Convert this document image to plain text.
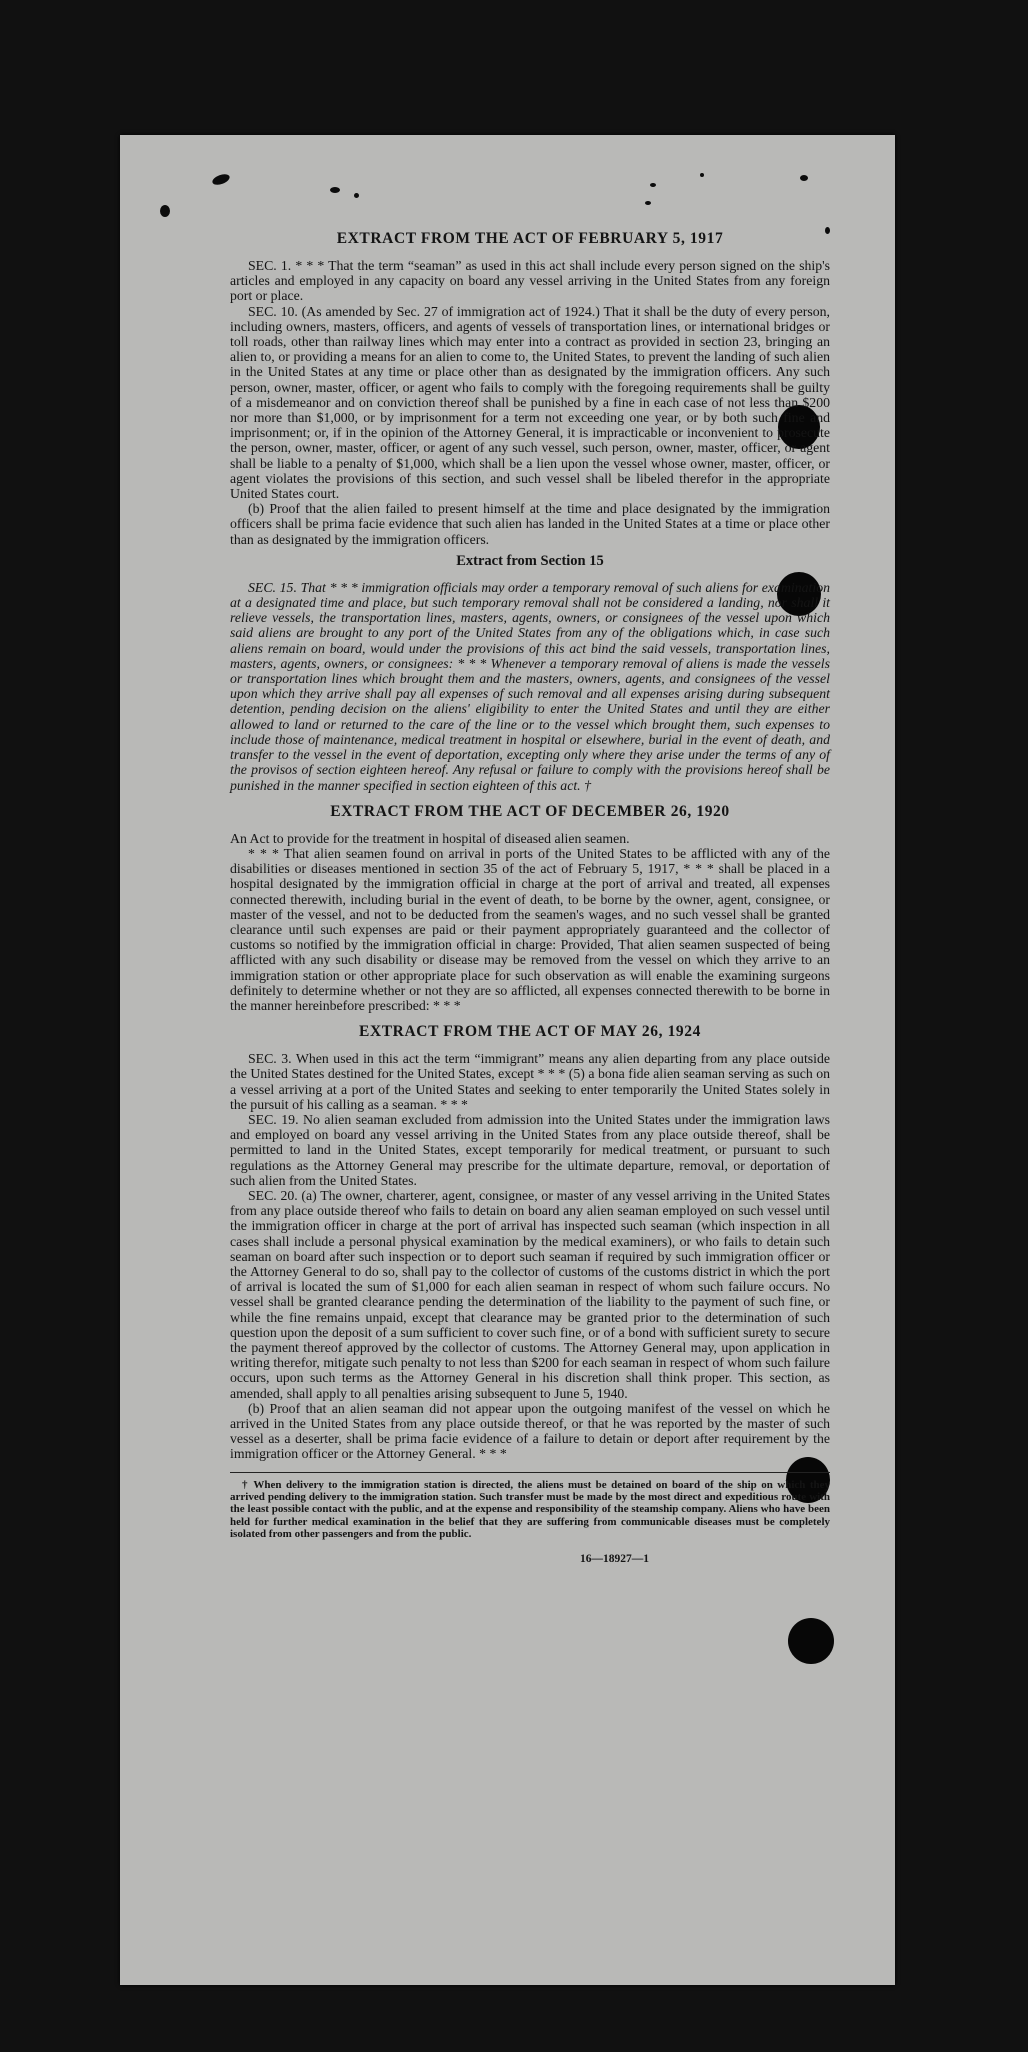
EXTRACT FROM THE ACT OF FEBRUARY 5, 1917

SEC. 1. * * * That the term “seaman” as used in this act shall include every person signed on the ship's articles and employed in any capacity on board any vessel arriving in the United States from any foreign port or place.

SEC. 10. (As amended by Sec. 27 of immigration act of 1924.) That it shall be the duty of every person, including owners, masters, officers, and agents of vessels of transportation lines, or international bridges or toll roads, other than railway lines which may enter into a contract as provided in section 23, bringing an alien to, or providing a means for an alien to come to, the United States, to prevent the landing of such alien in the United States at any time or place other than as designated by the immigration officers. Any such person, owner, master, officer, or agent who fails to comply with the foregoing requirements shall be guilty of a misdemeanor and on conviction thereof shall be punished by a fine in each case of not less than $200 nor more than $1,000, or by imprisonment for a term not exceeding one year, or by both such fine and imprisonment; or, if in the opinion of the Attorney General, it is impracticable or inconvenient to prosecute the person, owner, master, officer, or agent of any such vessel, such person, owner, master, officer, or agent shall be liable to a penalty of $1,000, which shall be a lien upon the vessel whose owner, master, officer, or agent violates the provisions of this section, and such vessel shall be libeled therefor in the appropriate United States court.

(b) Proof that the alien failed to present himself at the time and place designated by the immigration officers shall be prima facie evidence that such alien has landed in the United States at a time or place other than as designated by the immigration officers.

Extract from Section 15

SEC. 15. That * * * immigration officials may order a temporary removal of such aliens for examination at a designated time and place, but such temporary removal shall not be considered a landing, nor shall it relieve vessels, the transportation lines, masters, agents, owners, or consignees of the vessel upon which said aliens are brought to any port of the United States from any of the obligations which, in case such aliens remain on board, would under the provisions of this act bind the said vessels, transportation lines, masters, agents, owners, or consignees: * * * Whenever a temporary removal of aliens is made the vessels or transportation lines which brought them and the masters, owners, agents, and consignees of the vessel upon which they arrive shall pay all expenses of such removal and all expenses arising during subsequent detention, pending decision on the aliens' eligibility to enter the United States and until they are either allowed to land or returned to the care of the line or to the vessel which brought them, such expenses to include those of maintenance, medical treatment in hospital or elsewhere, burial in the event of death, and transfer to the vessel in the event of deportation, excepting only where they arise under the terms of any of the provisos of section eighteen hereof. Any refusal or failure to comply with the provisions hereof shall be punished in the manner specified in section eighteen of this act. †

EXTRACT FROM THE ACT OF DECEMBER 26, 1920

An Act to provide for the treatment in hospital of diseased alien seamen.

* * * That alien seamen found on arrival in ports of the United States to be afflicted with any of the disabilities or diseases mentioned in section 35 of the act of February 5, 1917, * * * shall be placed in a hospital designated by the immigration official in charge at the port of arrival and treated, all expenses connected therewith, including burial in the event of death, to be borne by the owner, agent, consignee, or master of the vessel, and not to be deducted from the seamen's wages, and no such vessel shall be granted clearance until such expenses are paid or their payment appropriately guaranteed and the collector of customs so notified by the immigration official in charge: Provided, That alien seamen suspected of being afflicted with any such disability or disease may be removed from the vessel on which they arrive to an immigration station or other appropriate place for such observation as will enable the examining surgeons definitely to determine whether or not they are so afflicted, all expenses connected therewith to be borne in the manner hereinbefore prescribed: * * *

EXTRACT FROM THE ACT OF MAY 26, 1924

SEC. 3. When used in this act the term “immigrant” means any alien departing from any place outside the United States destined for the United States, except * * * (5) a bona fide alien seaman serving as such on a vessel arriving at a port of the United States and seeking to enter temporarily the United States solely in the pursuit of his calling as a seaman. * * *

SEC. 19. No alien seaman excluded from admission into the United States under the immigration laws and employed on board any vessel arriving in the United States from any place outside thereof, shall be permitted to land in the United States, except temporarily for medical treatment, or pursuant to such regulations as the Attorney General may prescribe for the ultimate departure, removal, or deportation of such alien from the United States.

SEC. 20. (a) The owner, charterer, agent, consignee, or master of any vessel arriving in the United States from any place outside thereof who fails to detain on board any alien seaman employed on such vessel until the immigration officer in charge at the port of arrival has inspected such seaman (which inspection in all cases shall include a personal physical examination by the medical examiners), or who fails to detain such seaman on board after such inspection or to deport such seaman if required by such immigration officer or the Attorney General to do so, shall pay to the collector of customs of the customs district in which the port of arrival is located the sum of $1,000 for each alien seaman in respect of whom such failure occurs. No vessel shall be granted clearance pending the determination of the liability to the payment of such fine, or while the fine remains unpaid, except that clearance may be granted prior to the determination of such question upon the deposit of a sum sufficient to cover such fine, or of a bond with sufficient surety to secure the payment thereof approved by the collector of customs. The Attorney General may, upon application in writing therefor, mitigate such penalty to not less than $200 for each seaman in respect of whom such failure occurs, upon such terms as the Attorney General in his discretion shall think proper. This section, as amended, shall apply to all penalties arising subsequent to June 5, 1940.

(b) Proof that an alien seaman did not appear upon the outgoing manifest of the vessel on which he arrived in the United States from any place outside thereof, or that he was reported by the master of such vessel as a deserter, shall be prima facie evidence of a failure to detain or deport after requirement by the immigration officer or the Attorney General. * * *

† When delivery to the immigration station is directed, the aliens must be detained on board of the ship on which they arrived pending delivery to the immigration station. Such transfer must be made by the most direct and expeditious route with the least possible contact with the public, and at the expense and responsibility of the steamship company. Aliens who have been held for further medical examination in the belief that they are suffering from communicable diseases must be completely isolated from other passengers and from the public.

16—18927—1
